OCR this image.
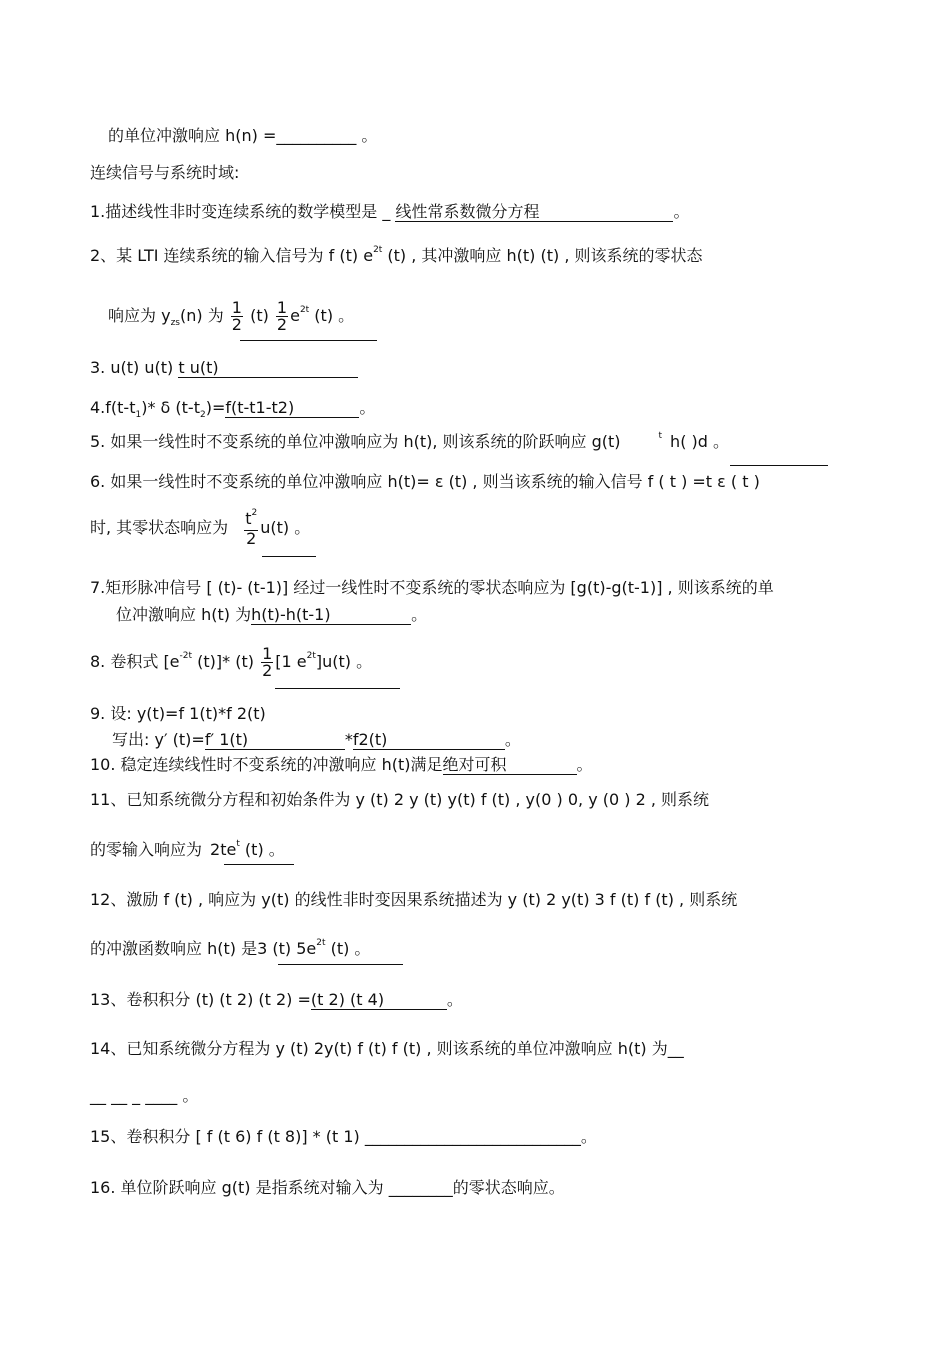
的单位冲激响应 h(n) =__________ 。
连续信号与系统时域:
1.描述线性非时变连续系统的数学模型是 _ 线性常系数微分方程	。
2、某 LTI 连续系统的输入信号为 f (t) $e^{2t}$ (t) , 其冲激响应 h(t) (t) , 则该系统的零状态
响应为 $y_{zs}(n)$ 为 $\frac{1}{2} (t) \frac{1}{2} e^{2t}$ (t) 。
3. u(t) u(t) t u(t)
$4.f(t-t_1)*$ δ $(t-t_2)=f(t-t1-t2)$	。
5. 如果一线性时不变系统的单位冲激响应为 h(t), 则该系统的阶跃响应 g(t)	$^t$ h( )d 。
6. 如果一线性时不变系统的单位冲激响应 h(t)= ε (t) , 则当该系统的输入信号 f ( t ) =t ε ( t )
时, 其零状态响应为 $\frac{t^2}{2} u(t)$ 。
7.矩形脉冲信号 [ (t)- (t-1)] 经过一线性时不变系统的零状态响应为 [g(t)-g(t-1)] , 则该系统的单
位冲激响应 h(t) 为h(t)-h(t-1)	。
8. 卷积式 [$e^{-2t}$ (t)]* $(t) \frac{1}{2} [1$ $e^{2t}]u(t)$ 。
9. 设: y(t)=f 1(t)*f 2(t)
写出: y′ (t)=f′ 1(t)	*f2(t)	。
10. 稳定连续线性时不变系统的冲激响应 h(t)满足绝对可积	。
11、已知系统微分方程和初始条件为 y (t) 2 y (t) y(t) f (t) , y(0 ) 0, y (0 ) 2 , 则系统
的零输入响应为 $2te^t$ (t) 。
12、激励 f (t) , 响应为 y(t) 的线性非时变因果系统描述为 y (t) 2 y(t) 3 f (t) f (t) , 则系统
的冲激函数响应 h(t) 是3 (t) $5e^{2t}$ (t) 。
13、卷积积分 (t) (t 2) (t 2) =(t 2) (t 4)	。
14、已知系统微分方程为 y (t) 2y(t) f (t) f (t) , 则该系统的单位冲激响应 h(t) 为__
__ __ _ ____ 。
15、卷积积分 [ f (t 6) f (t 8)] * (t 1) ___________________________。
16. 单位阶跃响应 g(t) 是指系统对输入为 ________的零状态响应。
